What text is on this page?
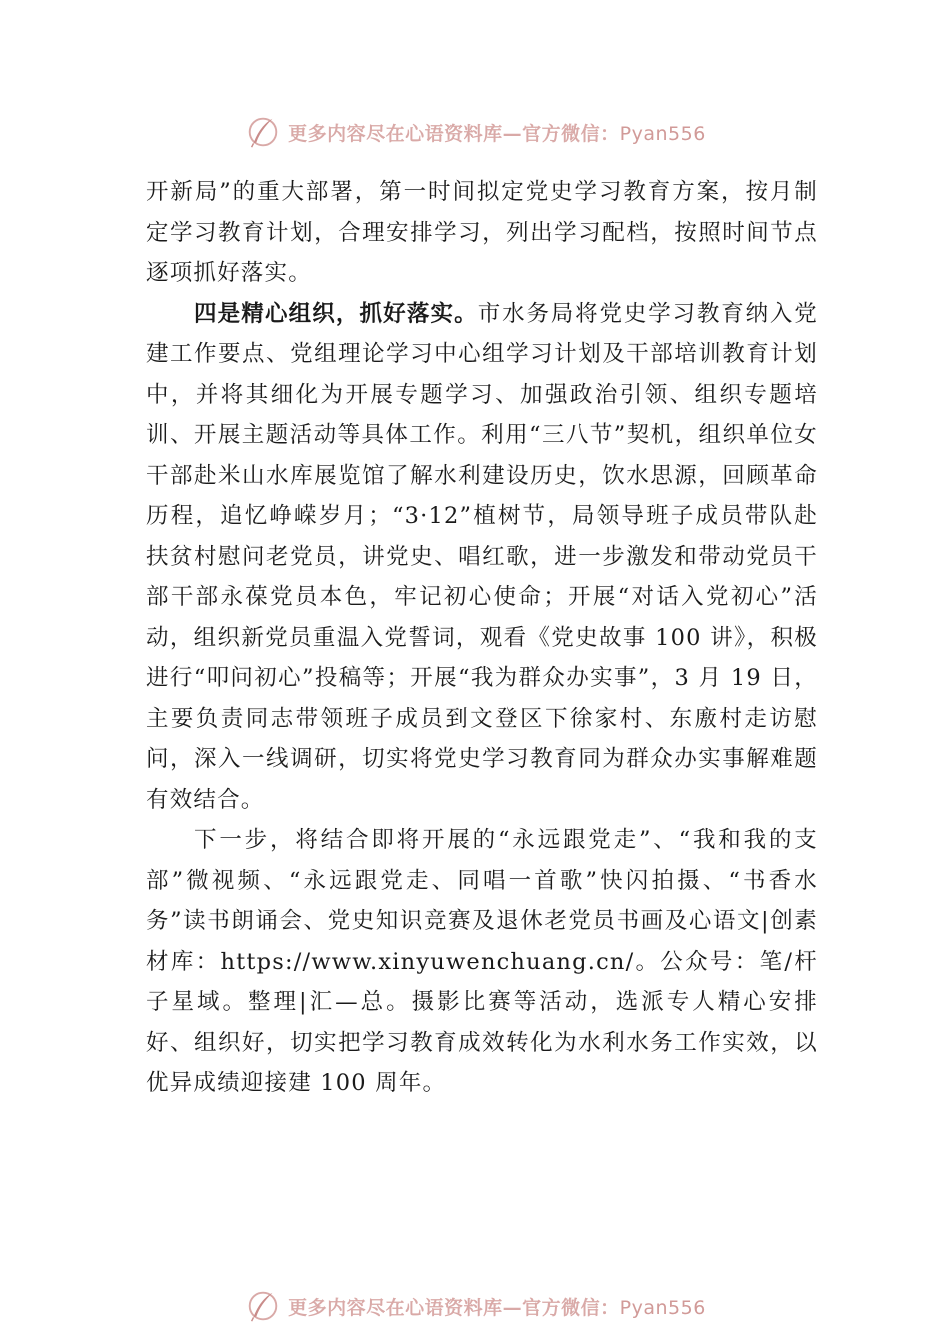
更多内容尽在心语资料库—官方微信：Pyan556

开新局”的重大部署，第一时间拟定党史学习教育方案，按月制定学习教育计划，合理安排学习，列出学习配档，按照时间节点逐项抓好落实。

四是精心组织，抓好落实。市水务局将党史学习教育纳入党建工作要点、党组理论学习中心组学习计划及干部培训教育计划中，并将其细化为开展专题学习、加强政治引领、组织专题培训、开展主题活动等具体工作。利用“三八节”契机，组织单位女干部赴米山水库展览馆了解水利建设历史，饮水思源，回顾革命历程，追忆峥嵘岁月；“3·12”植树节，局领导班子成员带队赴扶贫村慰问老党员，讲党史、唱红歌，进一步激发和带动党员干部干部永葆党员本色，牢记初心使命；开展“对话入党初心”活动，组织新党员重温入党誓词，观看《党史故事 100 讲》，积极进行“叩问初心”投稿等；开展“我为群众办实事”，3 月 19 日，主要负责同志带领班子成员到文登区下徐家村、东廒村走访慰问，深入一线调研，切实将党史学习教育同为群众办实事解难题有效结合。

下一步，将结合即将开展的“永远跟党走”、“我和我的支部”微视频、“永远跟党走、同唱一首歌”快闪拍摄、“书香水务”读书朗诵会、党史知识竞赛及退休老党员书画及心语文|创素材库：https://www.xinyuwenchuang.cn/。公众号：笔/杆子星域。整理|汇—总。摄影比赛等活动，选派专人精心安排好、组织好，切实把学习教育成效转化为水利水务工作实效，以优异成绩迎接建 100 周年。

更多内容尽在心语资料库—官方微信：Pyan556
